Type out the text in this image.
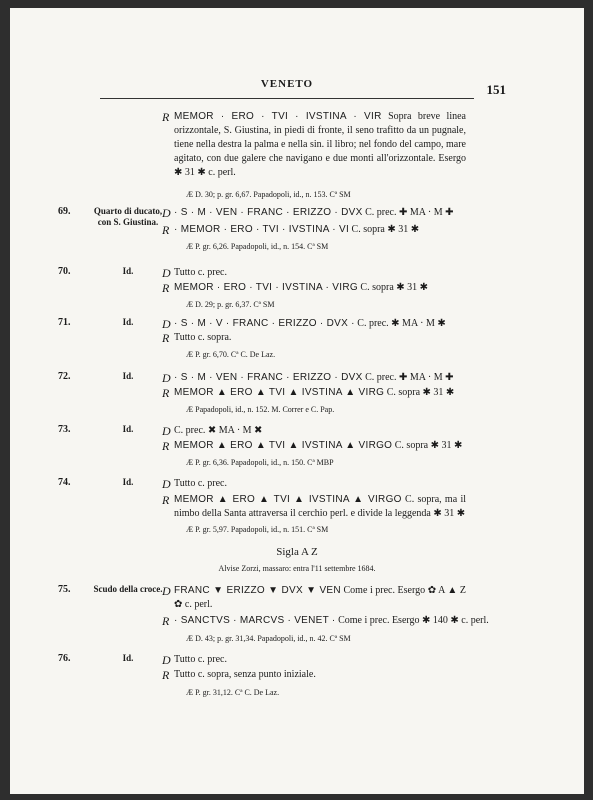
VENETO	151
R MEMOR · ERO · TVI · IVSTINA · VIR Sopra breve linea orizzontale, S. Giustina, in piedi di fronte, il seno trafitto da un pugnale, tiene nella destra la palma e nella sin. il libro; nel fondo del campo, mare agitato, con due galere che navigano e due monti all'orizzontale. Esergo ✱ 31 ✱ c. perl.
Æ D. 30; p. gr. 6,67. Papadopoli, id., n. 153. Cª SM
69.	Quarto di ducato, con S. Giustina.
D · S · M · VEN · FRANC · ERIZZO · DVX C. prec. ✚ MA · M ✚
R · MEMOR · ERO · TVI · IVSTINA · VI C. sopra ✱ 31 ✱
Æ P. gr. 6,26. Papadopoli, id., n. 154. Cª SM
70.	Id.	D Tutto c. prec.
R MEMOR · ERO · TVI · IVSTINA · VIRG C. sopra ✱ 31 ✱
Æ D. 29; p. gr. 6,37. Cª SM
71.	Id.	D · S · M · V · FRANC · ERIZZO · DVX · C. prec. ✱ MA · M ✱
R Tutto c. sopra.
Æ P. gr. 6,70. Cª C. De Laz.
72.	Id.	D · S · M · VEN · FRANC · ERIZZO · DVX C. prec. ✚ MA · M ✚
R MEMOR ▲ ERO ▲ TVI ▲ IVSTINA ▲ VIRG C. sopra ✱ 31 ✱
Æ Papadopoli, id., n. 152. M. Correr e C. Pap.
73.	Id.	D C. prec. ✖ MA · M ✖
R MEMOR ▲ ERO ▲ TVI ▲ IVSTINA ▲ VIRGO C. sopra ✱ 31 ✱
Æ P. gr. 6,36. Papadopoli, id., n. 150. Cª MBP
74.	Id.	D Tutto c. prec.
R MEMOR ▲ ERO ▲ TVI ▲ IVSTINA ▲ VIRGO C. sopra, ma il nimbo della Santa attraversa il cerchio perl. e divide la leggenda ✱ 31 ✱
Æ P. gr. 5,97. Papadopoli, id., n. 151. Cª SM
Sigla A Z
Alvise Zorzi, massaro: entra l'11 settembre 1684.
75.	Scudo della croce. D FRANC ▼ ERIZZO ▼ DVX ▼ VEN Come i prec. Esergo ✿ A ▲ Z ✿ c. perl.
R · SANCTVS · MARCVS · VENET · Come i prec. Esergo ✱ 140 ✱ c. perl.
Æ D. 43; p. gr. 31,34. Papadopoli, id., n. 42. Cª SM
76.	Id.	D Tutto c. prec.
R Tutto c. sopra, senza punto iniziale.
Æ P. gr. 31,12. Cª C. De Laz.
